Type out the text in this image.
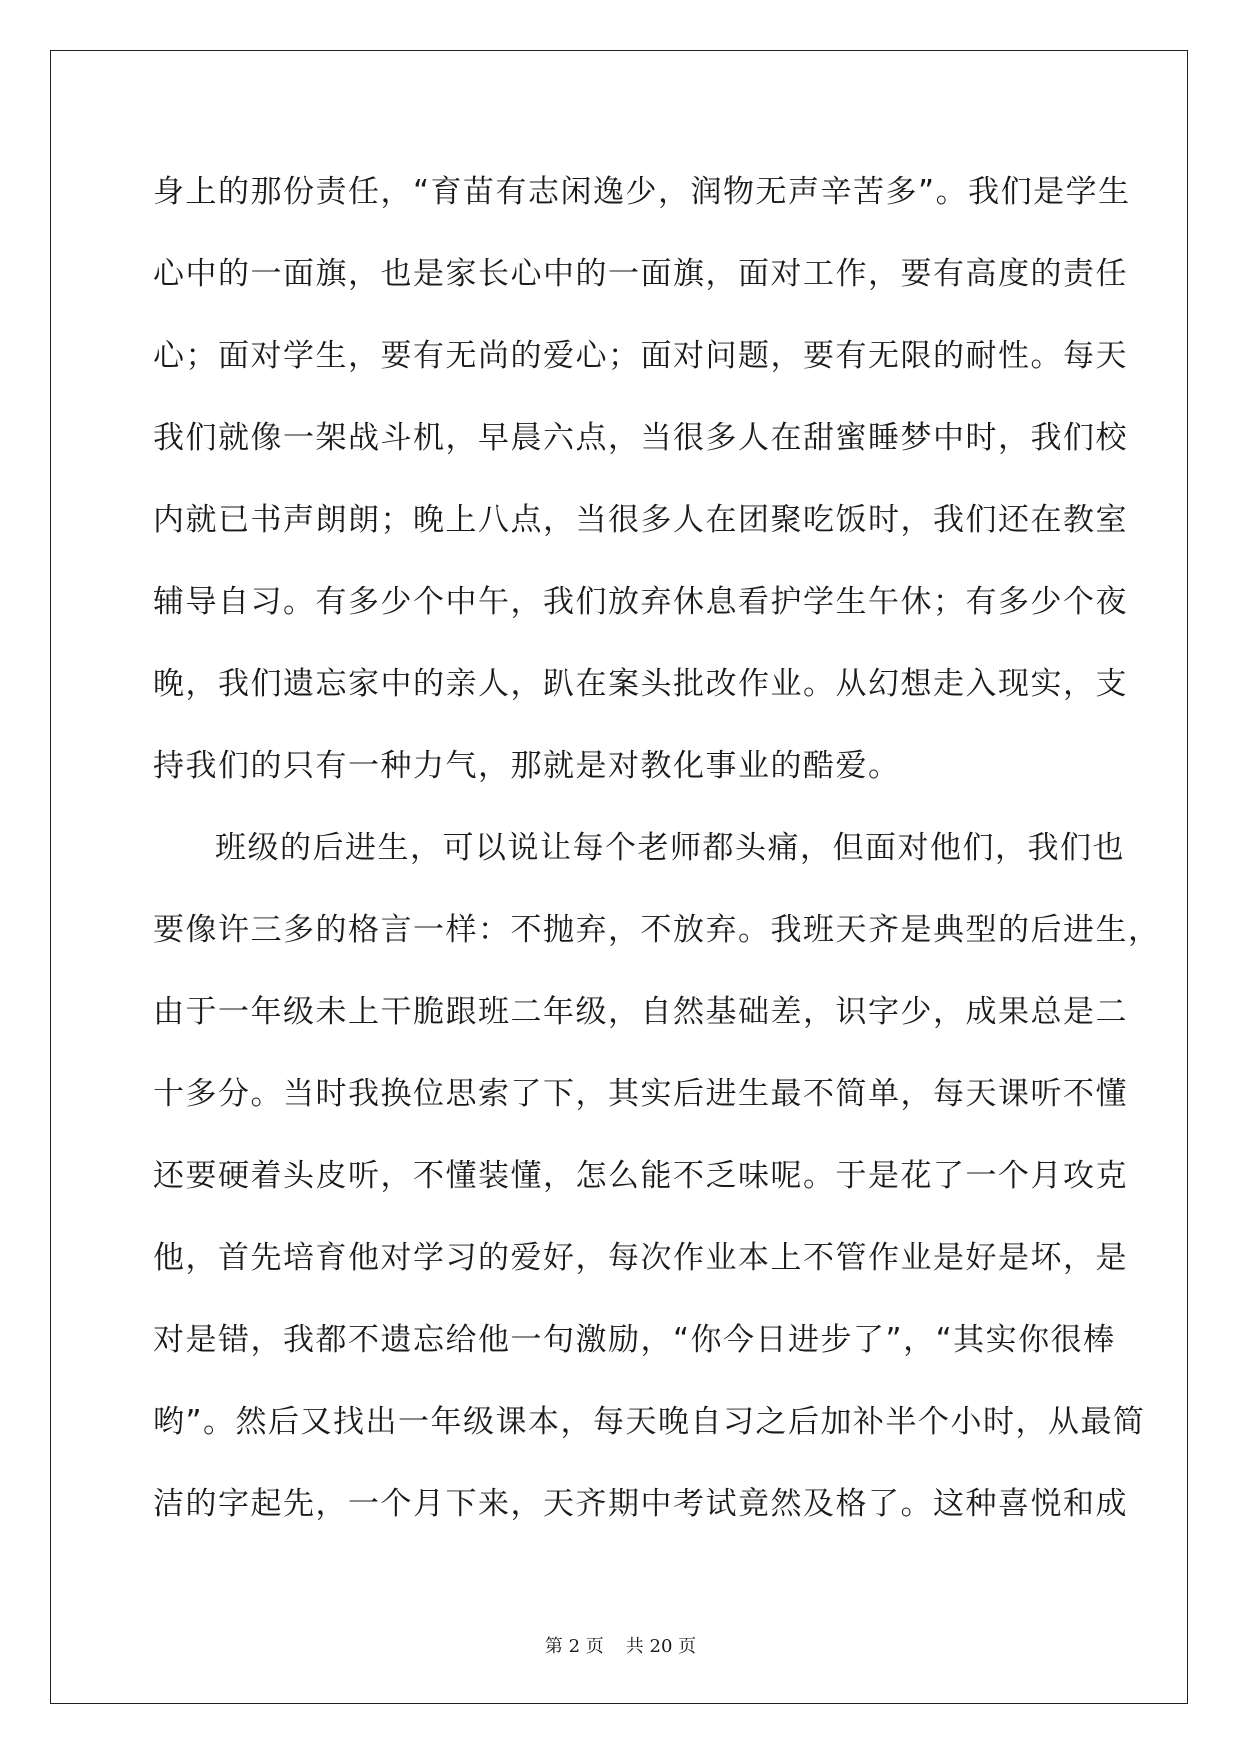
身上的那份责任，“育苗有志闲逸少，润物无声辛苦多”。我们是学生
心中的一面旗，也是家长心中的一面旗，面对工作，要有高度的责任
心；面对学生，要有无尚的爱心；面对问题，要有无限的耐性。每天
我们就像一架战斗机，早晨六点，当很多人在甜蜜睡梦中时，我们校
内就已书声朗朗；晚上八点，当很多人在团聚吃饭时，我们还在教室
辅导自习。有多少个中午，我们放弃休息看护学生午休；有多少个夜
晚，我们遗忘家中的亲人，趴在案头批改作业。从幻想走入现实，支
持我们的只有一种力气，那就是对教化事业的酷爱。
班级的后进生，可以说让每个老师都头痛，但面对他们，我们也
要像许三多的格言一样：不抛弃，不放弃。我班天齐是典型的后进生，
由于一年级未上干脆跟班二年级，自然基础差，识字少，成果总是二
十多分。当时我换位思索了下，其实后进生最不简单，每天课听不懂
还要硬着头皮听，不懂装懂，怎么能不乏味呢。于是花了一个月攻克
他，首先培育他对学习的爱好，每次作业本上不管作业是好是坏，是
对是错，我都不遗忘给他一句激励，“你今日进步了”，“其实你很棒
哟”。然后又找出一年级课本，每天晚自习之后加补半个小时，从最简
洁的字起先，一个月下来，天齐期中考试竟然及格了。这种喜悦和成
第 2 页 共 20 页
